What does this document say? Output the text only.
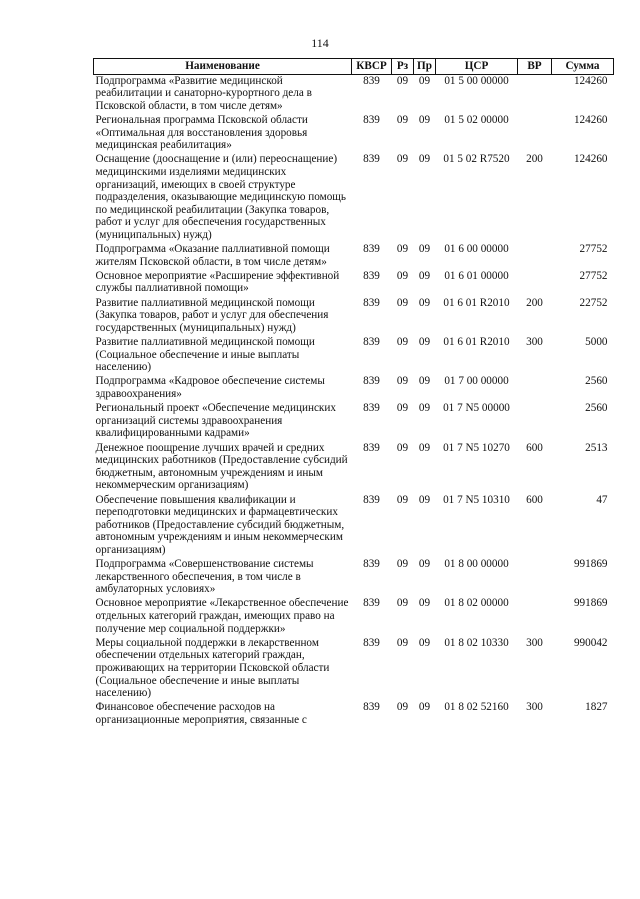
114
Наименование	КВСР	Рз	Пр	ЦСР	ВР	Сумма
Подпрограмма «Развитие медицинской реабилитации и санаторно-курортного дела в Псковской области, в том числе детям»	839	09	09	01 5 00 00000		124260
Региональная программа Псковской области «Оптимальная для восстановления здоровья медицинская реабилитация»	839	09	09	01 5 02 00000		124260
Оснащение (дооснащение и (или) переоснащение) медицинскими изделиями медицинских организаций, имеющих в своей структуре подразделения, оказывающие медицинскую помощь по медицинской реабилитации (Закупка товаров, работ и услуг для обеспечения государственных (муниципальных) нужд)	839	09	09	01 5 02 R7520	200	124260
Подпрограмма «Оказание паллиативной помощи жителям Псковской области, в том числе детям»	839	09	09	01 6 00 00000		27752
Основное мероприятие «Расширение эффективной службы паллиативной помощи»	839	09	09	01 6 01 00000		27752
Развитие паллиативной медицинской помощи (Закупка товаров, работ и услуг для обеспечения государственных (муниципальных) нужд)	839	09	09	01 6 01 R2010	200	22752
Развитие паллиативной медицинской помощи (Социальное обеспечение и иные выплаты населению)	839	09	09	01 6 01 R2010	300	5000
Подпрограмма «Кадровое обеспечение системы здравоохранения»	839	09	09	01 7 00 00000		2560
Региональный проект «Обеспечение медицинских организаций системы здравоохранения квалифицированными кадрами»	839	09	09	01 7 N5 00000		2560
Денежное поощрение лучших врачей и средних медицинских работников (Предоставление субсидий бюджетным, автономным учреждениям и иным некоммерческим организациям)	839	09	09	01 7 N5 10270	600	2513
Обеспечение повышения квалификации и переподготовки медицинских и фармацевтических работников (Предоставление субсидий бюджетным, автономным учреждениям и иным некоммерческим организациям)	839	09	09	01 7 N5 10310	600	47
Подпрограмма «Совершенствование системы лекарственного обеспечения, в том числе в амбулаторных условиях»	839	09	09	01 8 00 00000		991869
Основное мероприятие «Лекарственное обеспечение отдельных категорий граждан, имеющих право на получение мер социальной поддержки»	839	09	09	01 8 02 00000		991869
Меры социальной поддержки в лекарственном обеспечении отдельных категорий граждан, проживающих на территории Псковской области (Социальное обеспечение и иные выплаты населению)	839	09	09	01 8 02 10330	300	990042
Финансовое обеспечение расходов на организационные мероприятия, связанные с	839	09	09	01 8 02 52160	300	1827
